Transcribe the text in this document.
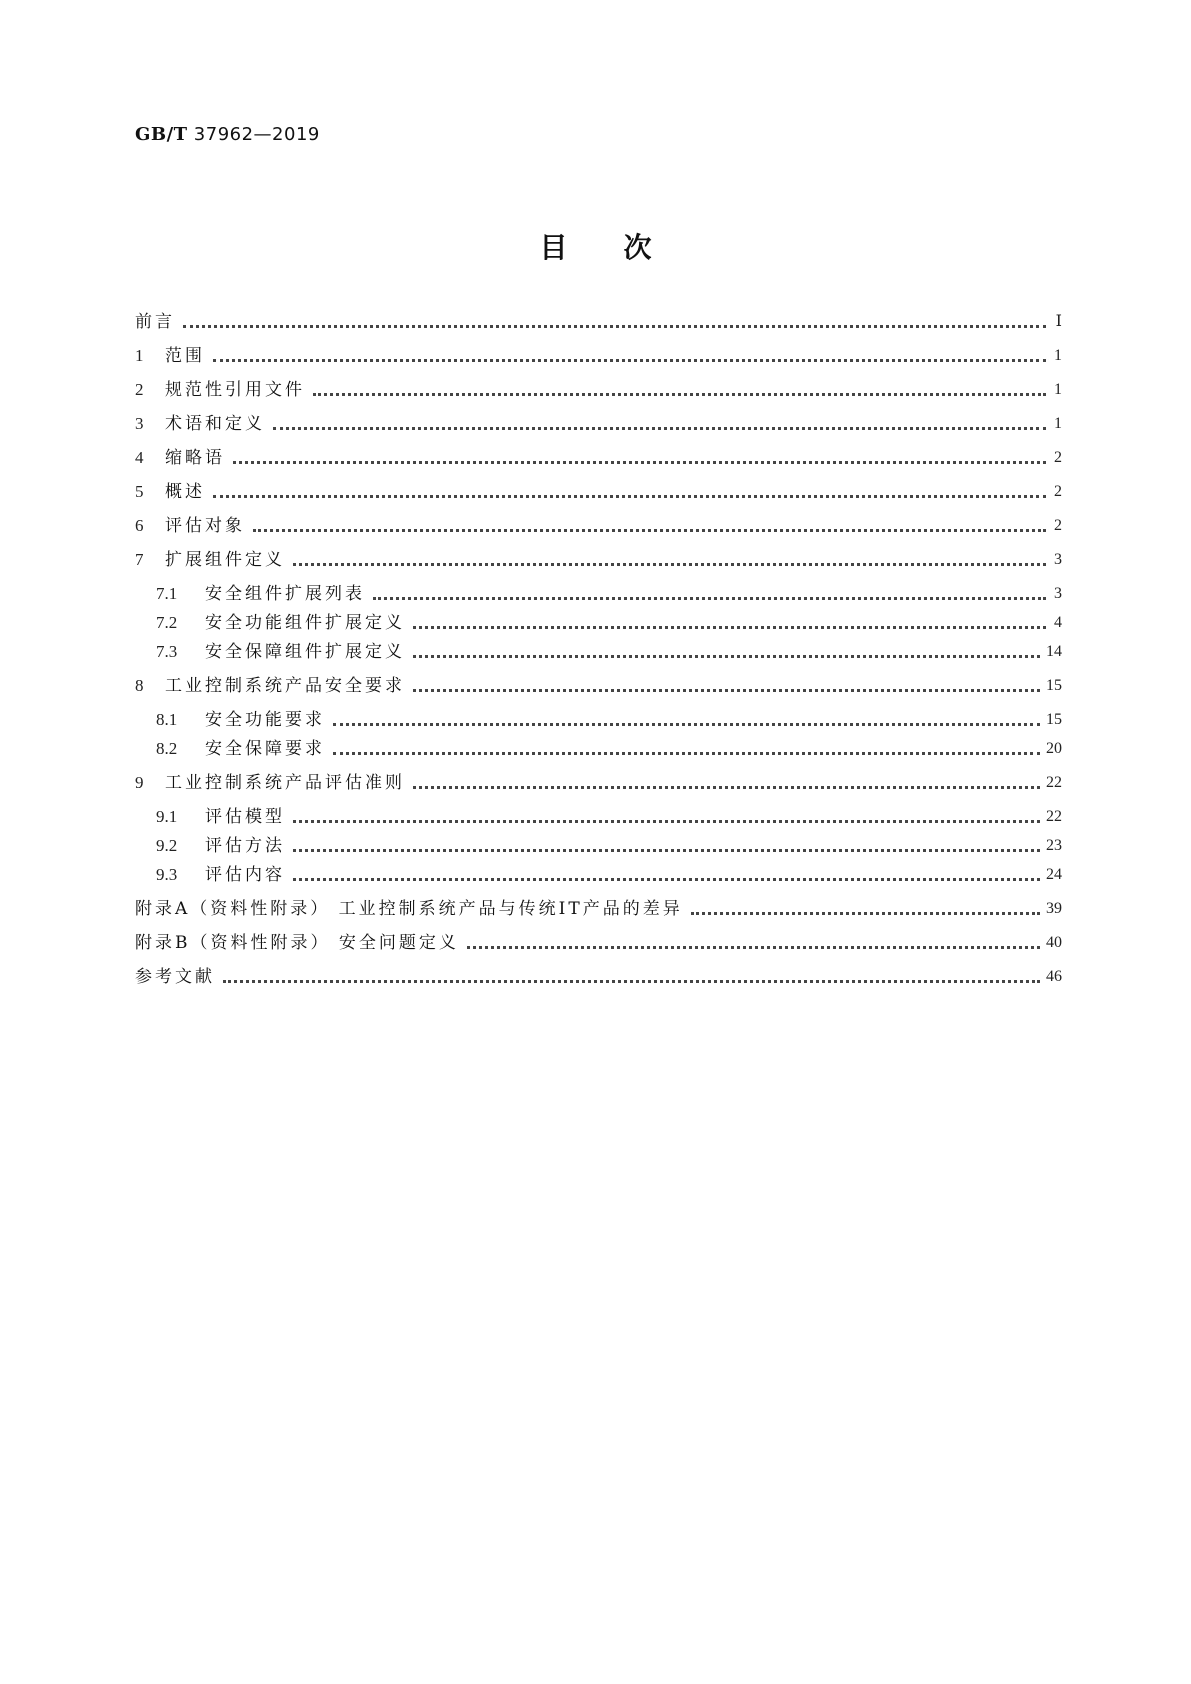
GB/T 37962—2019
目次
前言	Ⅰ
1	范围	1
2	规范性引用文件	1
3	术语和定义	1
4	缩略语	2
5	概述	2
6	评估对象	2
7	扩展组件定义	3
7.1	安全组件扩展列表	3
7.2	安全功能组件扩展定义	4
7.3	安全保障组件扩展定义	14
8	工业控制系统产品安全要求	15
8.1	安全功能要求	15
8.2	安全保障要求	20
9	工业控制系统产品评估准则	22
9.1	评估模型	22
9.2	评估方法	23
9.3	评估内容	24
附录A（资料性附录） 工业控制系统产品与传统IT产品的差异	39
附录B（资料性附录） 安全问题定义	40
参考文献	46
